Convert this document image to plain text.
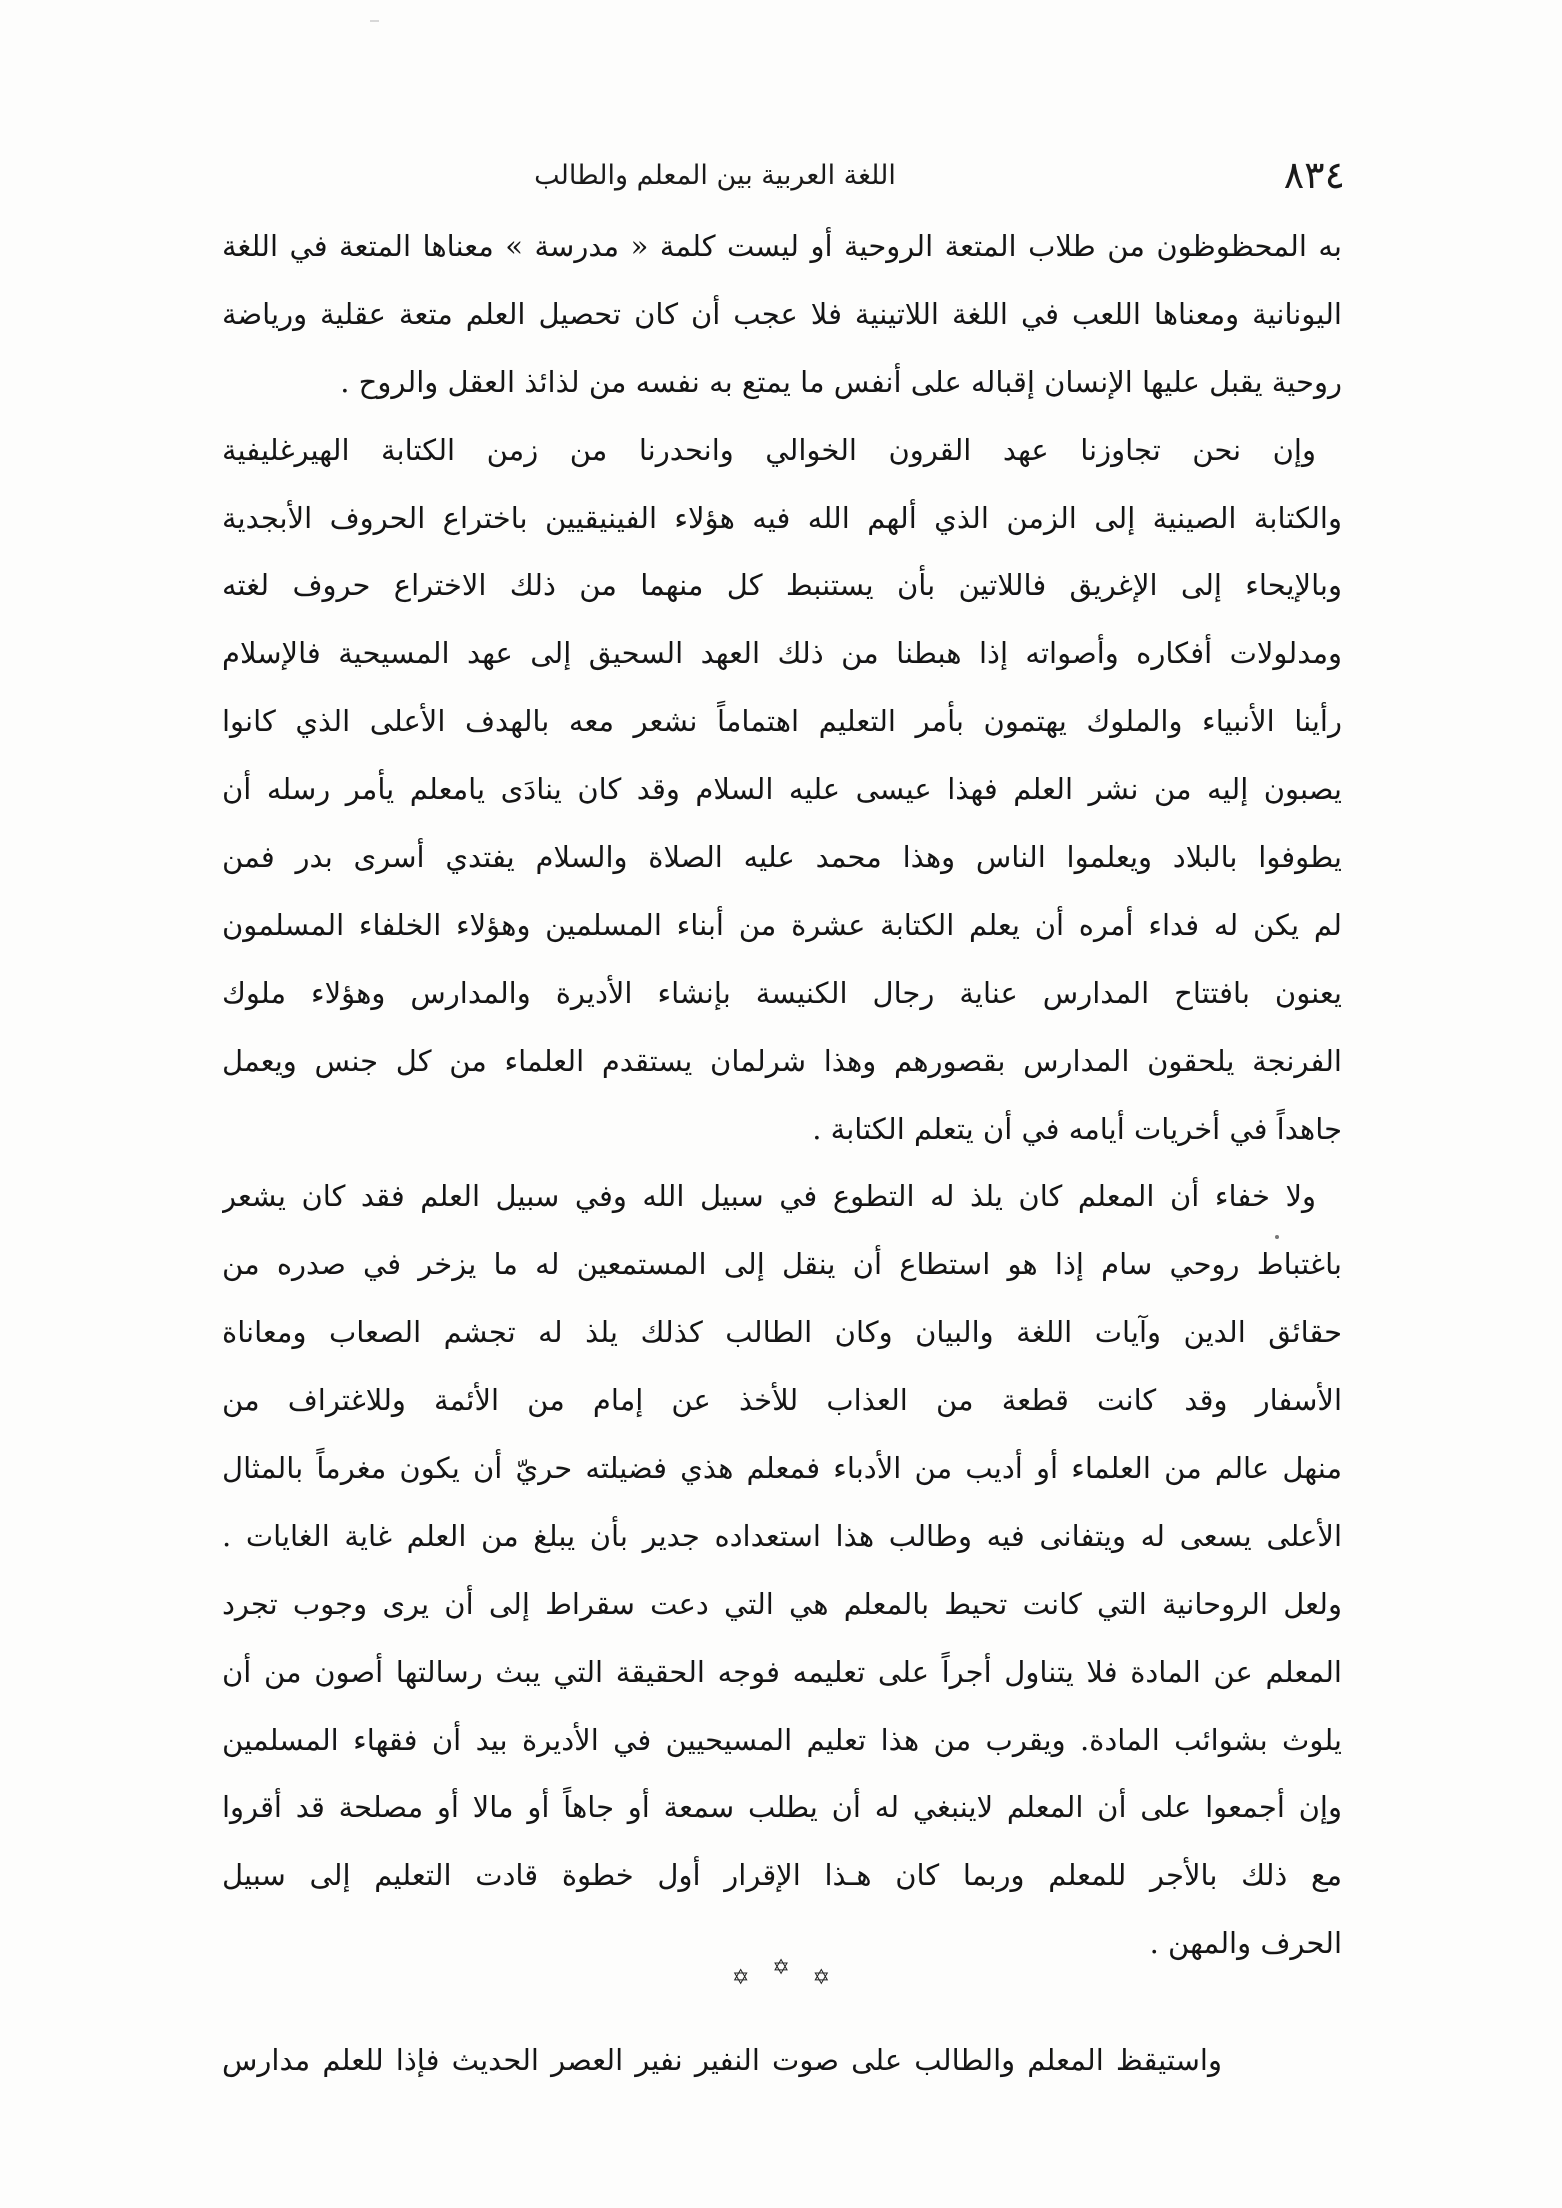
٨٣٤
اللغة العربية بين المعلم والطالب
به المحظوظون من طلاب المتعة الروحية أو ليست كلمة « مدرسة » معناها المتعة في اللغة
اليونانية ومعناها اللعب في اللغة اللاتينية فلا عجب أن كان تحصيل العلم متعة عقلية ورياضة
روحية يقبل عليها الإنسان إقباله على أنفس ما يمتع به نفسه من لذائذ العقل والروح .
وإن نحن تجاوزنا عهد القرون الخوالي وانحدرنا من زمن الكتابة الهيرغليفية
والكتابة الصينية إلى الزمن الذي ألهم الله فيه هؤلاء الفينيقيين باختراع الحروف الأبجدية
وبالإيحاء إلى الإغريق فاللاتين بأن يستنبط كل منهما من ذلك الاختراع حروف لغته
ومدلولات أفكاره وأصواته إذا هبطنا من ذلك العهد السحيق إلى عهد المسيحية فالإسلام
رأينا الأنبياء والملوك يهتمون بأمر التعليم اهتماماً نشعر معه بالهدف الأعلى الذي كانوا
يصبون إليه من نشر العلم فهذا عيسى عليه السلام وقد كان ينادَى يامعلم يأمر رسله أن
يطوفوا بالبلاد ويعلموا الناس وهذا محمد عليه الصلاة والسلام يفتدي أسرى بدر فمن
لم يكن له فداء أمره أن يعلم الكتابة عشرة من أبناء المسلمين وهؤلاء الخلفاء المسلمون
يعنون بافتتاح المدارس عناية رجال الكنيسة بإنشاء الأديرة والمدارس وهؤلاء ملوك
الفرنجة يلحقون المدارس بقصورهم وهذا شرلمان يستقدم العلماء من كل جنس ويعمل
جاهداً في أخريات أيامه في أن يتعلم الكتابة .
ولا خفاء أن المعلم كان يلذ له التطوع في سبيل الله وفي سبيل العلم فقد كان يشعر
باغتباط روحي سام إذا هو استطاع أن ينقل إلى المستمعين له ما يزخر في صدره من
حقائق الدين وآيات اللغة والبيان وكان الطالب كذلك يلذ له تجشم الصعاب ومعاناة
الأسفار وقد كانت قطعة من العذاب للأخذ عن إمام من الأئمة وللاغتراف من
منهل عالم من العلماء أو أديب من الأدباء فمعلم هذي فضيلته حريّ أن يكون مغرماً بالمثال
الأعلى يسعى له ويتفانى فيه وطالب هذا استعداده جدير بأن يبلغ من العلم غاية الغايات .
ولعل الروحانية التي كانت تحيط بالمعلم هي التي دعت سقراط إلى أن يرى وجوب تجرد
المعلم عن المادة فلا يتناول أجراً على تعليمه فوجه الحقيقة التي يبث رسالتها أصون من أن
يلوث بشوائب المادة. ويقرب من هذا تعليم المسيحيين في الأديرة بيد أن فقهاء المسلمين
وإن أجمعوا على أن المعلم لاينبغي له أن يطلب سمعة أو جاهاً أو مالا أو مصلحة قد أقروا
مع ذلك بالأجر للمعلم وربما كان هـذا الإقرار أول خطوة قادت التعليم إلى سبيل
الحرف والمهن .
✡ ✡ ✡
واستيقظ المعلم والطالب على صوت النفير نفير العصر الحديث فإذا للعلم مدارس
